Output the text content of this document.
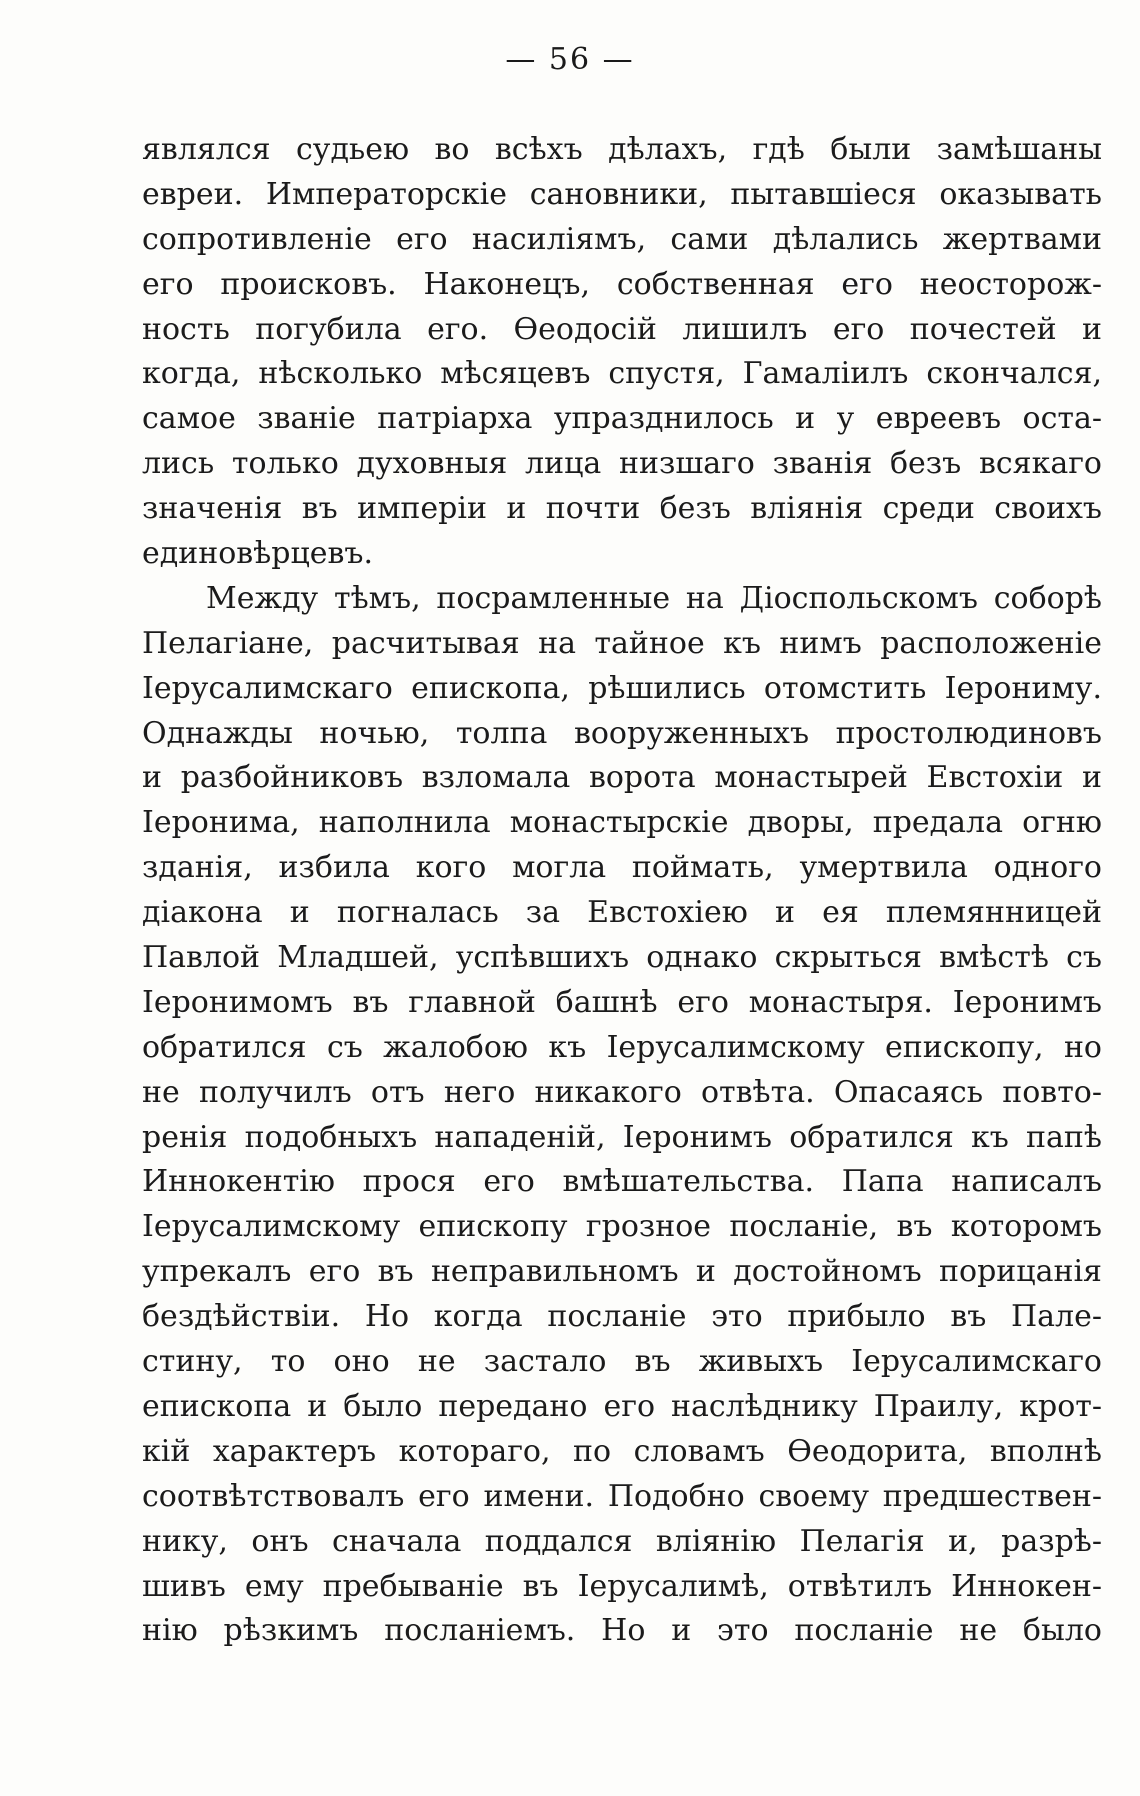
— 56 —
являлся судьею во всѣхъ дѣлахъ, гдѣ были замѣшаны
евреи. Императорскіе сановники, пытавшіеся оказывать
сопротивленіе его насиліямъ, сами дѣлались жертвами
его происковъ. Наконецъ, собственная его неосторож-
ность погубила его. Ѳеодосій лишилъ его почестей и
когда, нѣсколько мѣсяцевъ спустя, Гамаліилъ скончался,
самое званіе патріарха упразднилось и у евреевъ оста-
лись только духовныя лица низшаго званія безъ всякаго
значенія въ имперіи и почти безъ вліянія среди своихъ
единовѣрцевъ.
Между тѣмъ, посрамленные на Діоспольскомъ соборѣ
Пелагіане, расчитывая на тайное къ нимъ расположеніе
Іерусалимскаго епископа, рѣшились отомстить Іерониму.
Однажды ночью, толпа вооруженныхъ простолюдиновъ
и разбойниковъ взломала ворота монастырей Евстохіи и
Іеронима, наполнила монастырскіе дворы, предала огню
зданія, избила кого могла поймать, умертвила одного
діакона и погналась за Евстохіею и ея племянницей
Павлой Младшей, успѣвшихъ однако скрыться вмѣстѣ съ
Іеронимомъ въ главной башнѣ его монастыря. Іеронимъ
обратился съ жалобою къ Іерусалимскому епископу, но
не получилъ отъ него никакого отвѣта. Опасаясь повто-
ренія подобныхъ нападеній, Іеронимъ обратился къ папѣ
Иннокентію прося его вмѣшательства. Папа написалъ
Іерусалимскому епископу грозное посланіе, въ которомъ
упрекалъ его въ неправильномъ и достойномъ порицанія
бездѣйствіи. Но когда посланіе это прибыло въ Пале-
стину, то оно не застало въ живыхъ Іерусалимскаго
епископа и было передано его наслѣднику Праилу, крот-
кій характеръ котораго, по словамъ Ѳеодорита, вполнѣ
соотвѣтствовалъ его имени. Подобно своему предшествен-
нику, онъ сначала поддался вліянію Пелагія и, разрѣ-
шивъ ему пребываніе въ Іерусалимѣ, отвѣтилъ Иннокен-
нію рѣзкимъ посланіемъ. Но и это посланіе не было
